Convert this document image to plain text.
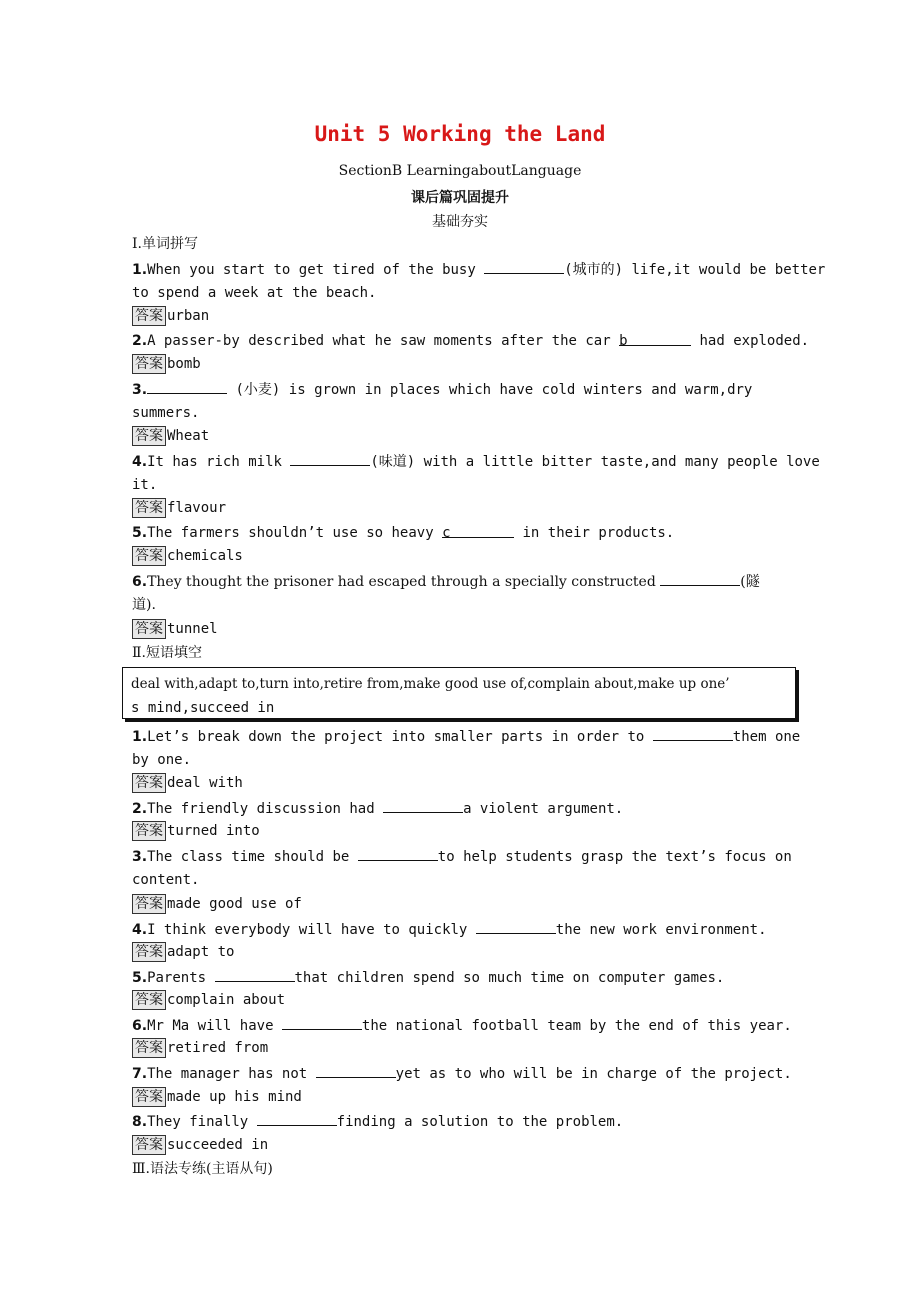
Unit 5 Working the Land
SectionB LearningaboutLanguage
课后篇巩固提升
基础夯实
Ⅰ.单词拼写
1.When you start to get tired of the busy	(城市的) life,it would be better
to spend a week at the beach.
答案 urban
2.A passer-by described what he saw moments after the car b	had exploded.
答案 bomb
3.	(小麦) is grown in places which have cold winters and warm,dry
summers.
答案 Wheat
4.It has rich milk	(味道) with a little bitter taste,and many people love
it.
答案 flavour
5.The farmers shouldn’t use so heavy c	in their products.
答案 chemicals
6.They thought the prisoner had escaped through a specially constructed	(隧
道).
答案 tunnel
Ⅱ.短语填空
deal with,adapt to,turn into,retire from,make good use of,complain about,make up one’
s mind,succeed in
1.Let’s break down the project into smaller parts in order to	them one
by one.
答案 deal with
2.The friendly discussion had	a violent argument.
答案 turned into
3.The class time should be	to help students grasp the text’s focus on
content.
答案 made good use of
4.I think everybody will have to quickly	the new work environment.
答案 adapt to
5.Parents	that children spend so much time on computer games.
答案 complain about
6.Mr Ma will have	the national football team by the end of this year.
答案 retired from
7.The manager has not	yet as to who will be in charge of the project.
答案 made up his mind
8.They finally	finding a solution to the problem.
答案 succeeded in
Ⅲ.语法专练(主语从句)
